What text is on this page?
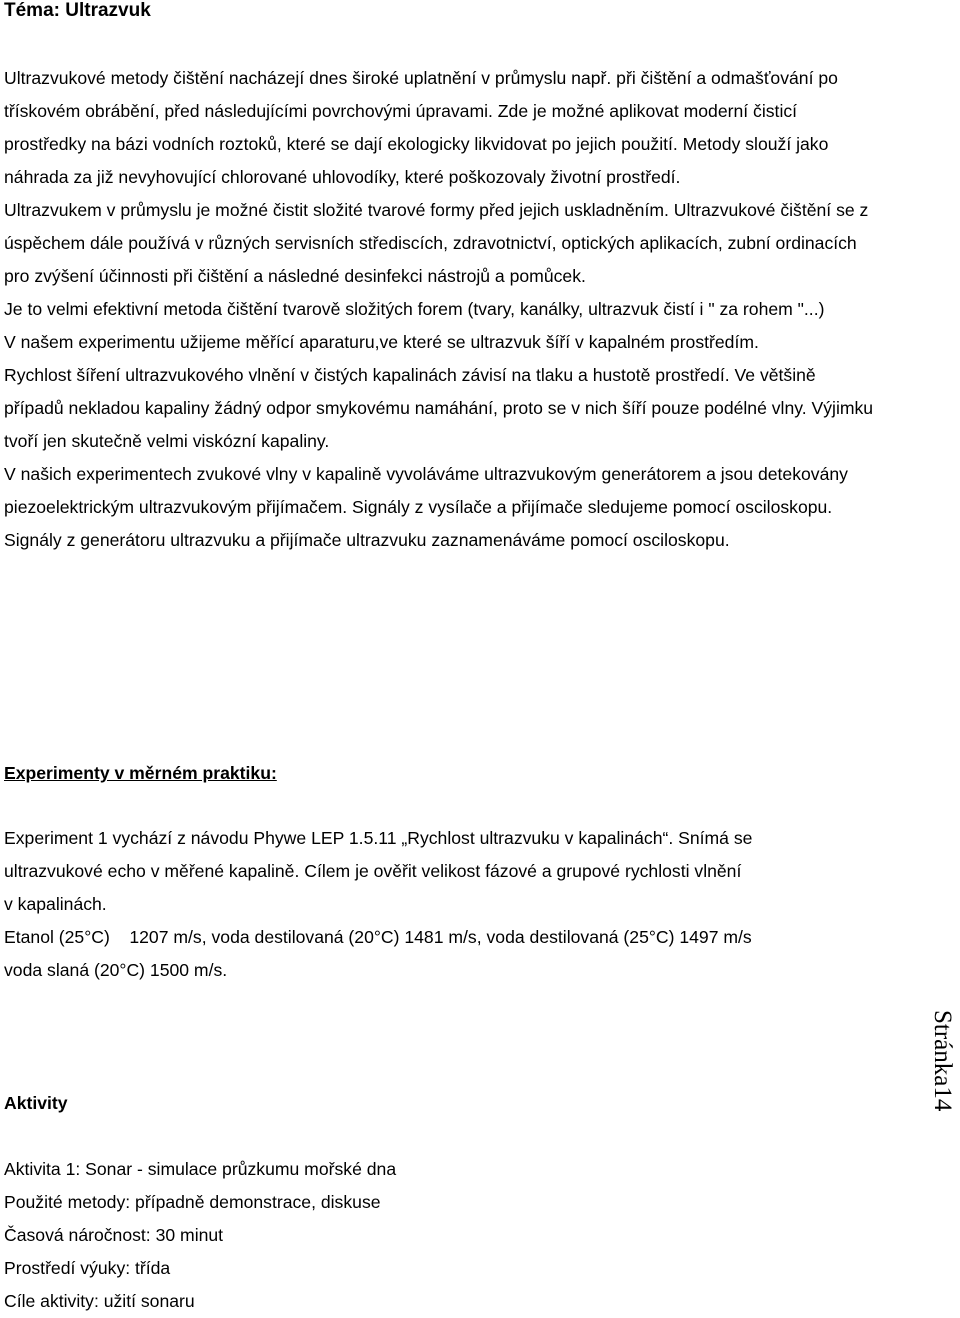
Téma: Ultrazvuk

Ultrazvukové metody čištění nacházejí dnes široké uplatnění v průmyslu např. při čištění a odmašťování po třískovém obrábění, před následujícími povrchovými úpravami. Zde je možné aplikovat moderní čisticí prostředky na bázi vodních roztoků, které se dají ekologicky likvidovat po jejich použití. Metody slouží jako náhrada za již nevyhovující chlorované uhlovodíky, které poškozovaly životní prostředí.

Ultrazvukem v průmyslu je možné čistit složité tvarové formy před jejich uskladněním. Ultrazvukové čištění se z úspěchem dále používá v různých servisních střediscích, zdravotnictví, optických aplikacích, zubní ordinacích pro zvýšení účinnosti při čištění a následné desinfekci nástrojů a pomůcek.

Je to velmi efektivní metoda čištění tvarově složitých forem (tvary, kanálky, ultrazvuk čistí i " za rohem "...)

V našem experimentu užijeme měřící aparaturu,ve které se ultrazvuk šíří v kapalném prostředím.

Rychlost šíření ultrazvukového vlnění v čistých kapalinách závisí na tlaku a hustotě prostředí. Ve většině případů nekladou kapaliny žádný odpor smykovému namáhání, proto se v nich šíří pouze podélné vlny. Výjimku tvoří jen skutečně velmi viskózní kapaliny.

V našich experimentech zvukové vlny v kapalině vyvoláváme ultrazvukovým generátorem a jsou detekovány piezoelektrickým ultrazvukovým přijímačem. Signály z vysílače a přijímače sledujeme pomocí osciloskopu. Signály z generátoru ultrazvuku a přijímače ultrazvuku zaznamenáváme pomocí osciloskopu.

Experimenty v měrném praktiku:
Experiment 1 vychází z návodu Phywe LEP 1.5.11 „Rychlost ultrazvuku v kapalinách“. Snímá se
ultrazvukové echo v měřené kapalině. Cílem je ověřit velikost fázové a grupové rychlosti vlnění
v kapalinách.
Etanol (25°C)    1207 m/s, voda destilovaná (20°C) 1481 m/s, voda destilovaná (25°C) 1497 m/s
voda slaná (20°C) 1500 m/s.
Stránka14
Aktivity
Aktivita 1: Sonar - simulace průzkumu mořské dna
Použité metody: případně demonstrace, diskuse
Časová náročnost: 30 minut
Prostředí výuky: třída
Cíle aktivity: užití sonaru
